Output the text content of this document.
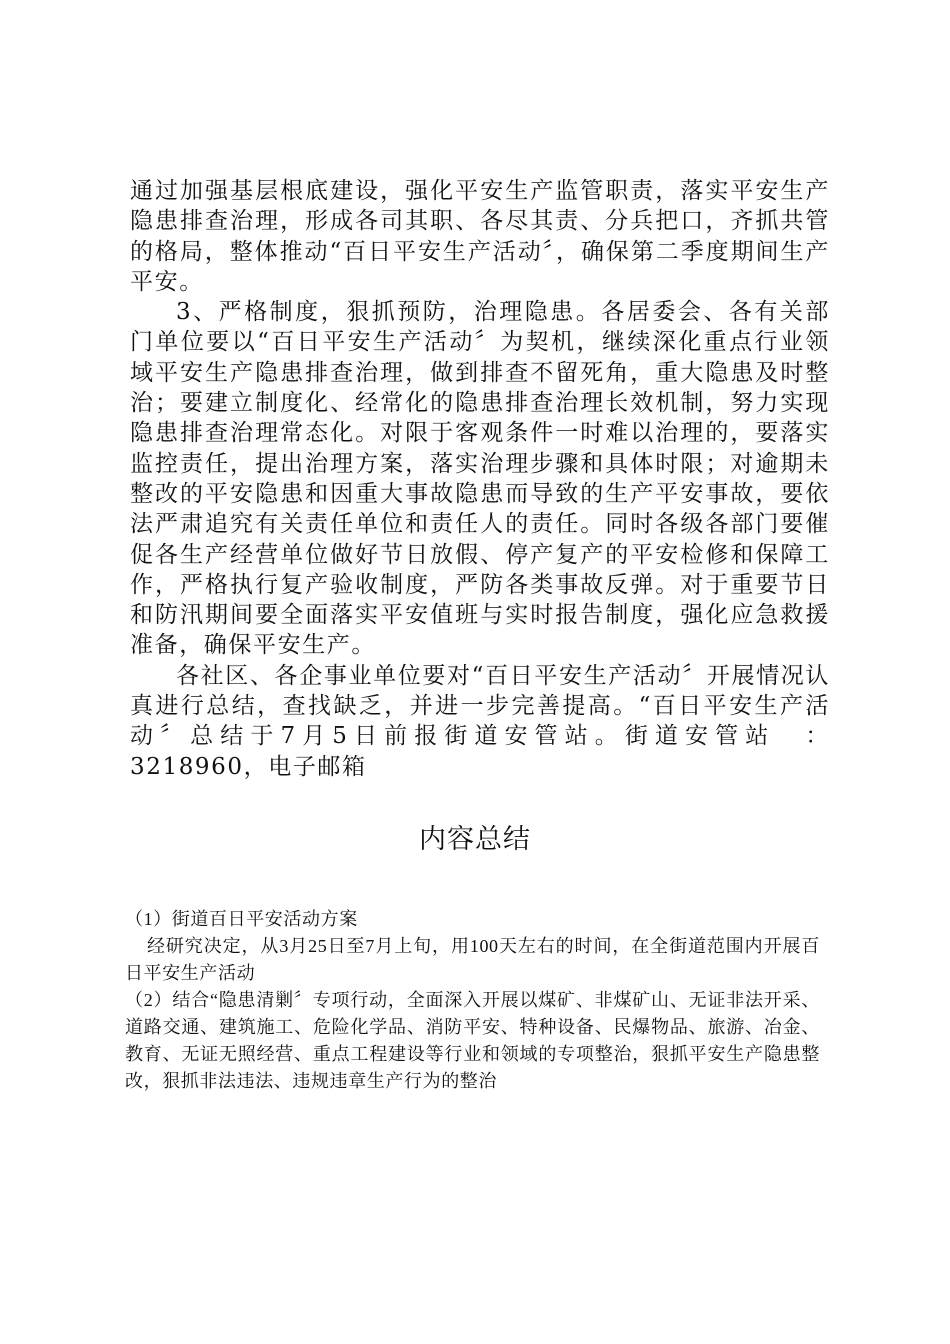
通过加强基层根底建设，强化平安生产监管职责，落实平安生产隐患排查治理，形成各司其职、各尽其责、分兵把口，齐抓共管的格局，整体推动“百日平安生产活动〞，确保第二季度期间生产平安。

3、严格制度，狠抓预防，治理隐患。各居委会、各有关部门单位要以“百日平安生产活动〞为契机，继续深化重点行业领域平安生产隐患排查治理，做到排查不留死角，重大隐患及时整治；要建立制度化、经常化的隐患排查治理长效机制，努力实现隐患排查治理常态化。对限于客观条件一时难以治理的，要落实监控责任，提出治理方案，落实治理步骤和具体时限；对逾期未整改的平安隐患和因重大事故隐患而导致的生产平安事故，要依法严肃追究有关责任单位和责任人的责任。同时各级各部门要催促各生产经营单位做好节日放假、停产复产的平安检修和保障工作，严格执行复产验收制度，严防各类事故反弹。对于重要节日和防汛期间要全面落实平安值班与实时报告制度，强化应急救援准备，确保平安生产。

各社区、各企事业单位要对“百日平安生产活动〞开展情况认真进行总结，查找缺乏，并进一步完善提高。“百日平安生产活动〞总结于7月5日前报街道安管站。街道安管站　：3218960，电子邮箱

内容总结

（1）街道百日平安活动方案

经研究决定，从3月25日至7月上旬，用100天左右的时间，在全街道范围内开展百日平安生产活动

（2）结合“隐患清剿〞专项行动，全面深入开展以煤矿、非煤矿山、无证非法开采、道路交通、建筑施工、危险化学品、消防平安、特种设备、民爆物品、旅游、冶金、教育、无证无照经营、重点工程建设等行业和领域的专项整治，狠抓平安生产隐患整改，狠抓非法违法、违规违章生产行为的整治
